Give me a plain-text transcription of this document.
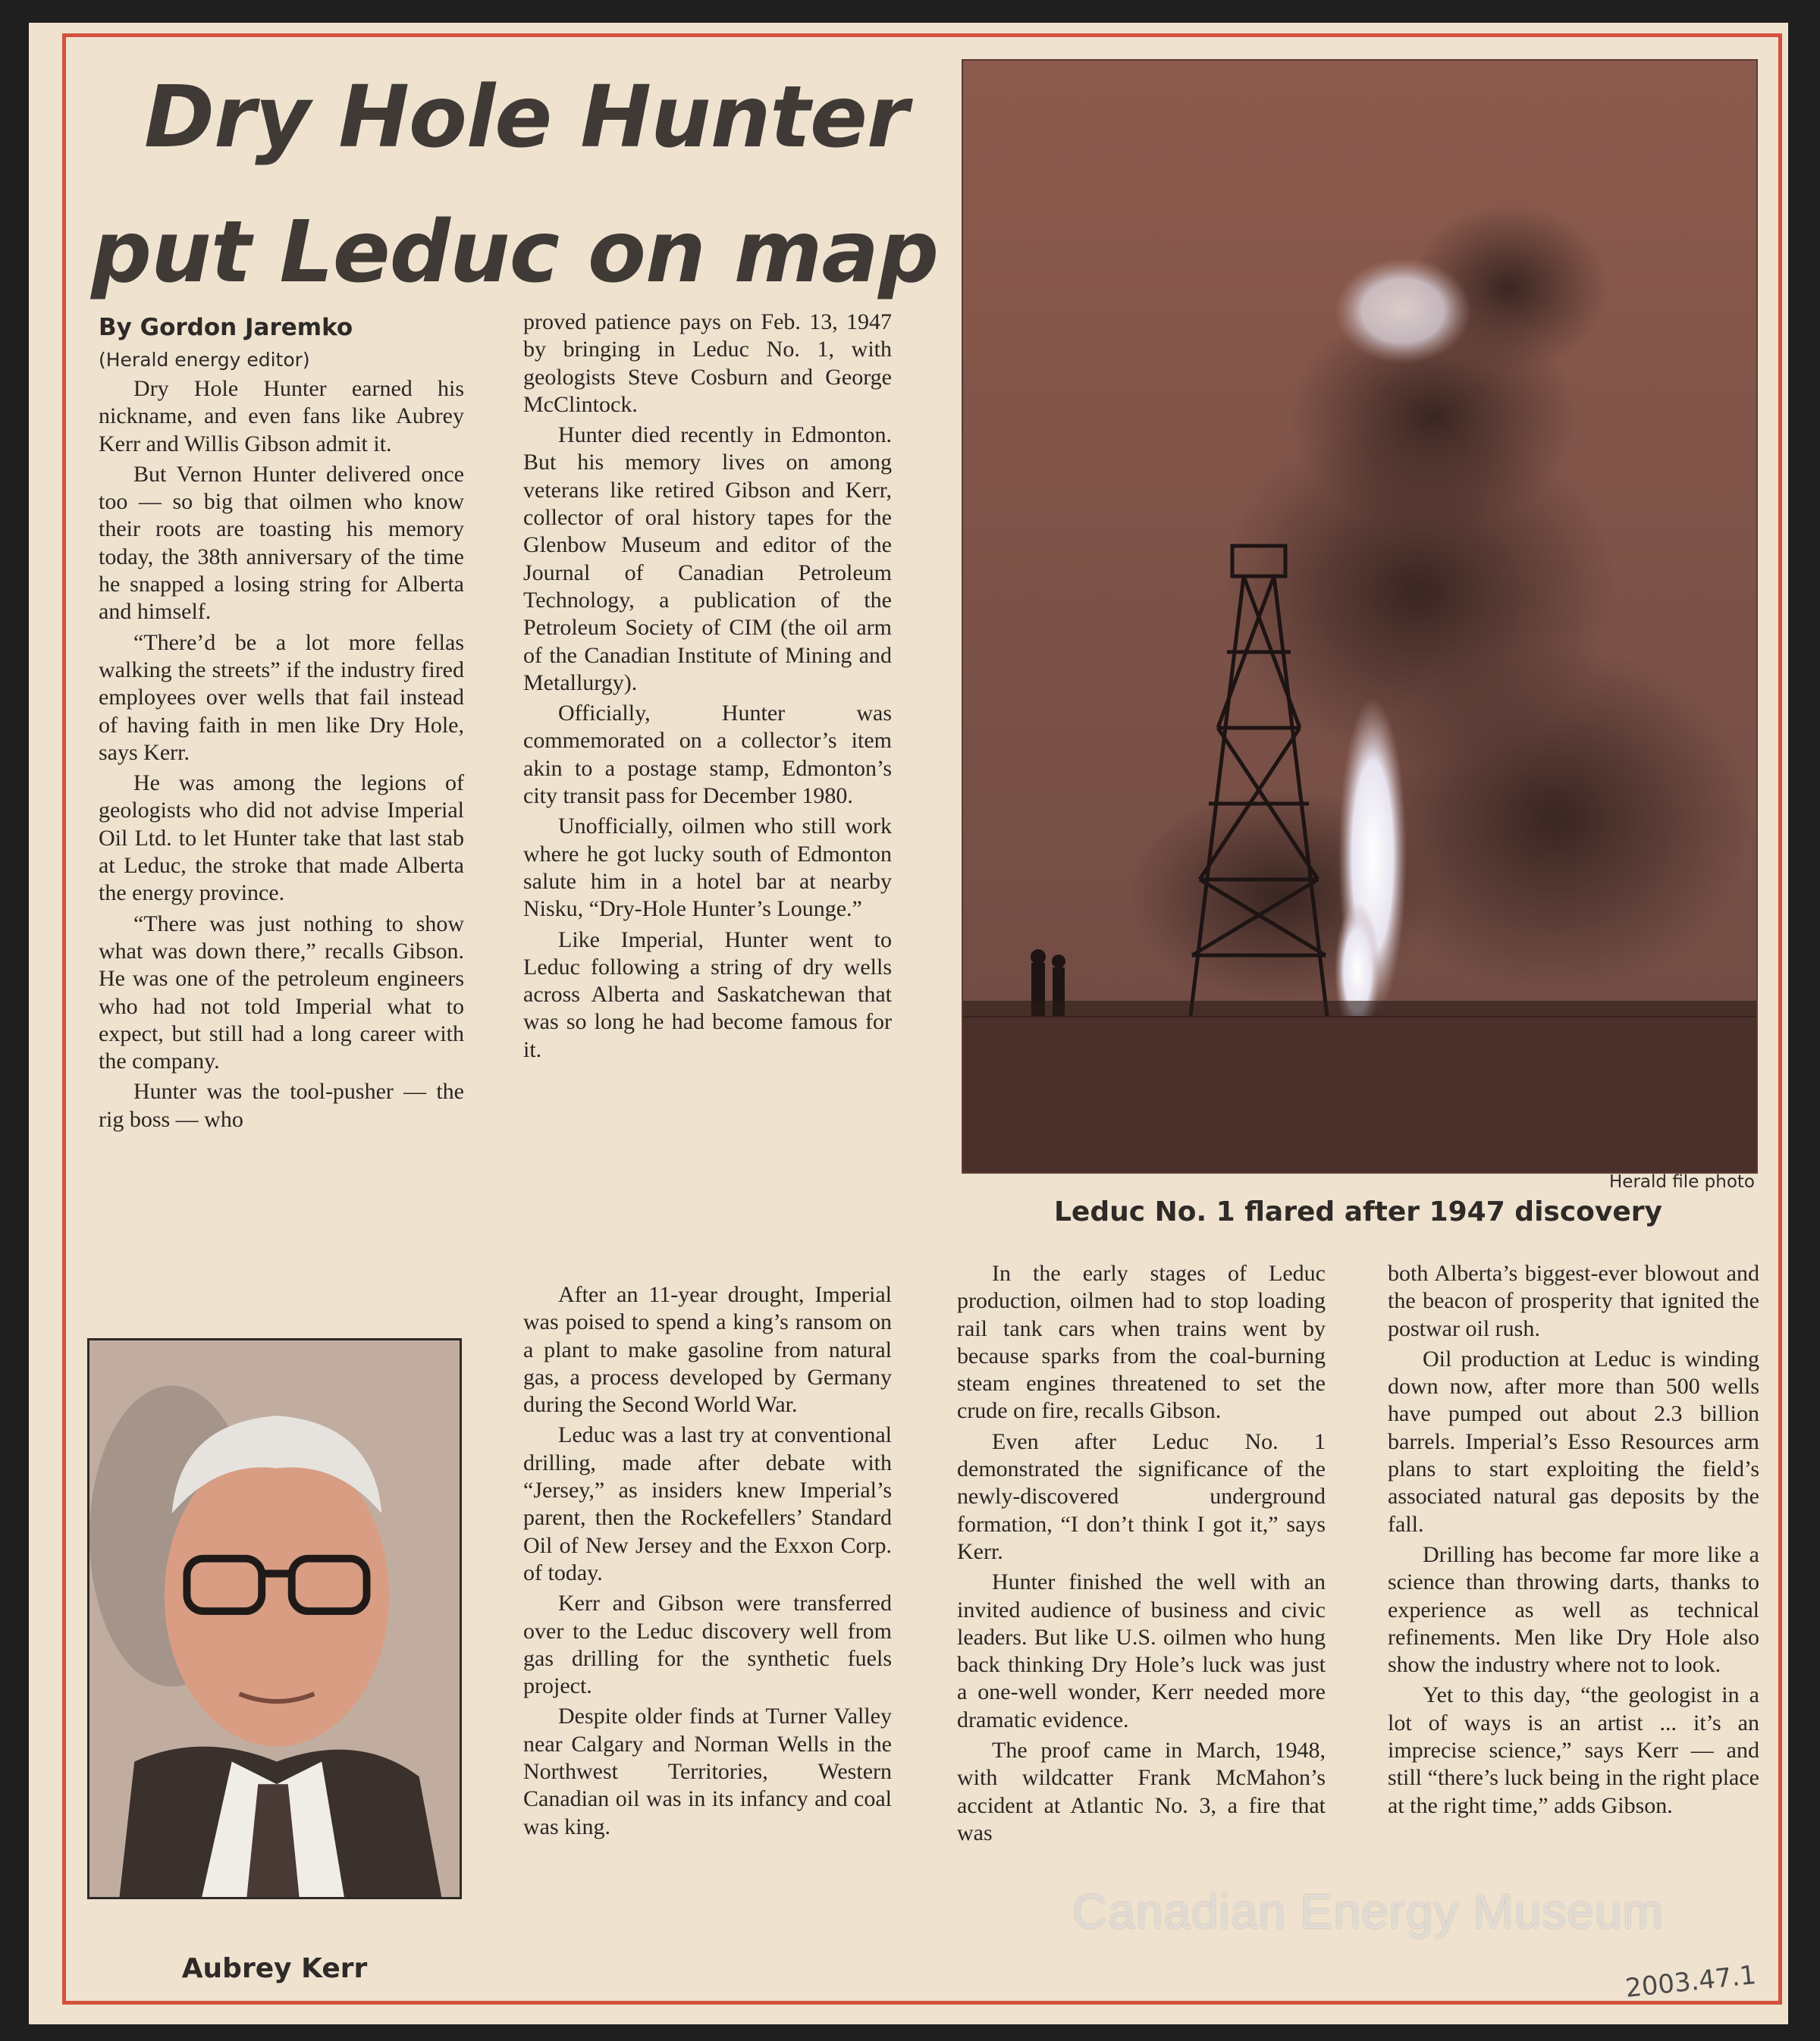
Dry Hole Hunter
put Leduc on map
By Gordon Jaremko
(Herald energy editor)

Dry Hole Hunter earned his nickname, and even fans like Aubrey Kerr and Willis Gibson admit it.

But Vernon Hunter delivered once too — so big that oilmen who know their roots are toasting his memory today, the 38th anniversary of the time he snapped a losing string for Alberta and himself.

“There’d be a lot more fellas walking the streets” if the industry fired employees over wells that fail instead of having faith in men like Dry Hole, says Kerr.

He was among the legions of geologists who did not advise Imperial Oil Ltd. to let Hunter take that last stab at Leduc, the stroke that made Alberta the energy province.

“There was just nothing to show what was down there,” recalls Gibson. He was one of the petroleum engineers who had not told Imperial what to expect, but still had a long career with the company.

Hunter was the tool-pusher — the rig boss — who

proved patience pays on Feb. 13, 1947 by bringing in Leduc No. 1, with geologists Steve Cosburn and George McClintock.

Hunter died recently in Edmonton. But his memory lives on among veterans like retired Gibson and Kerr, collector of oral history tapes for the Glenbow Museum and editor of the Journal of Canadian Petroleum Technology, a publication of the Petroleum Society of CIM (the oil arm of the Canadian Institute of Mining and Metallurgy).

Officially, Hunter was commemorated on a collector’s item akin to a postage stamp, Edmonton’s city transit pass for December 1980.

Unofficially, oilmen who still work where he got lucky south of Edmonton salute him in a hotel bar at nearby Nisku, “Dry-Hole Hunter’s Lounge.”

Like Imperial, Hunter went to Leduc following a string of dry wells across Alberta and Saskatchewan that was so long he had become famous for it.

After an 11-year drought, Imperial was poised to spend a king’s ransom on a plant to make gasoline from natural gas, a process developed by Germany during the Second World War.

Leduc was a last try at conventional drilling, made after debate with “Jersey,” as insiders knew Imperial’s parent, then the Rockefellers’ Standard Oil of New Jersey and the Exxon Corp. of today.

Kerr and Gibson were transferred over to the Leduc discovery well from gas drilling for the synthetic fuels project.

Despite older finds at Turner Valley near Calgary and Norman Wells in the Northwest Territories, Western Canadian oil was in its infancy and coal was king.

Herald file photo
Leduc No. 1 flared after 1947 discovery
Aubrey Kerr

In the early stages of Leduc production, oilmen had to stop loading rail tank cars when trains went by because sparks from the coal-burning steam engines threatened to set the crude on fire, recalls Gibson.

Even after Leduc No. 1 demonstrated the significance of the newly-discovered underground formation, “I don’t think I got it,” says Kerr.

Hunter finished the well with an invited audience of business and civic leaders. But like U.S. oilmen who hung back thinking Dry Hole’s luck was just a one-well wonder, Kerr needed more dramatic evidence.

The proof came in March, 1948, with wildcatter Frank McMahon’s accident at Atlantic No. 3, a fire that was

both Alberta’s biggest-ever blowout and the beacon of prosperity that ignited the postwar oil rush.

Oil production at Leduc is winding down now, after more than 500 wells have pumped out about 2.3 billion barrels. Imperial’s Esso Resources arm plans to start exploiting the field’s associated natural gas deposits by the fall.

Drilling has become far more like a science than throwing darts, thanks to experience as well as technical refinements. Men like Dry Hole also show the industry where not to look.

Yet to this day, “the geologist in a lot of ways is an artist ... it’s an imprecise science,” says Kerr — and still “there’s luck being in the right place at the right time,” adds Gibson.

Canadian Energy Museum
2003.47.1
